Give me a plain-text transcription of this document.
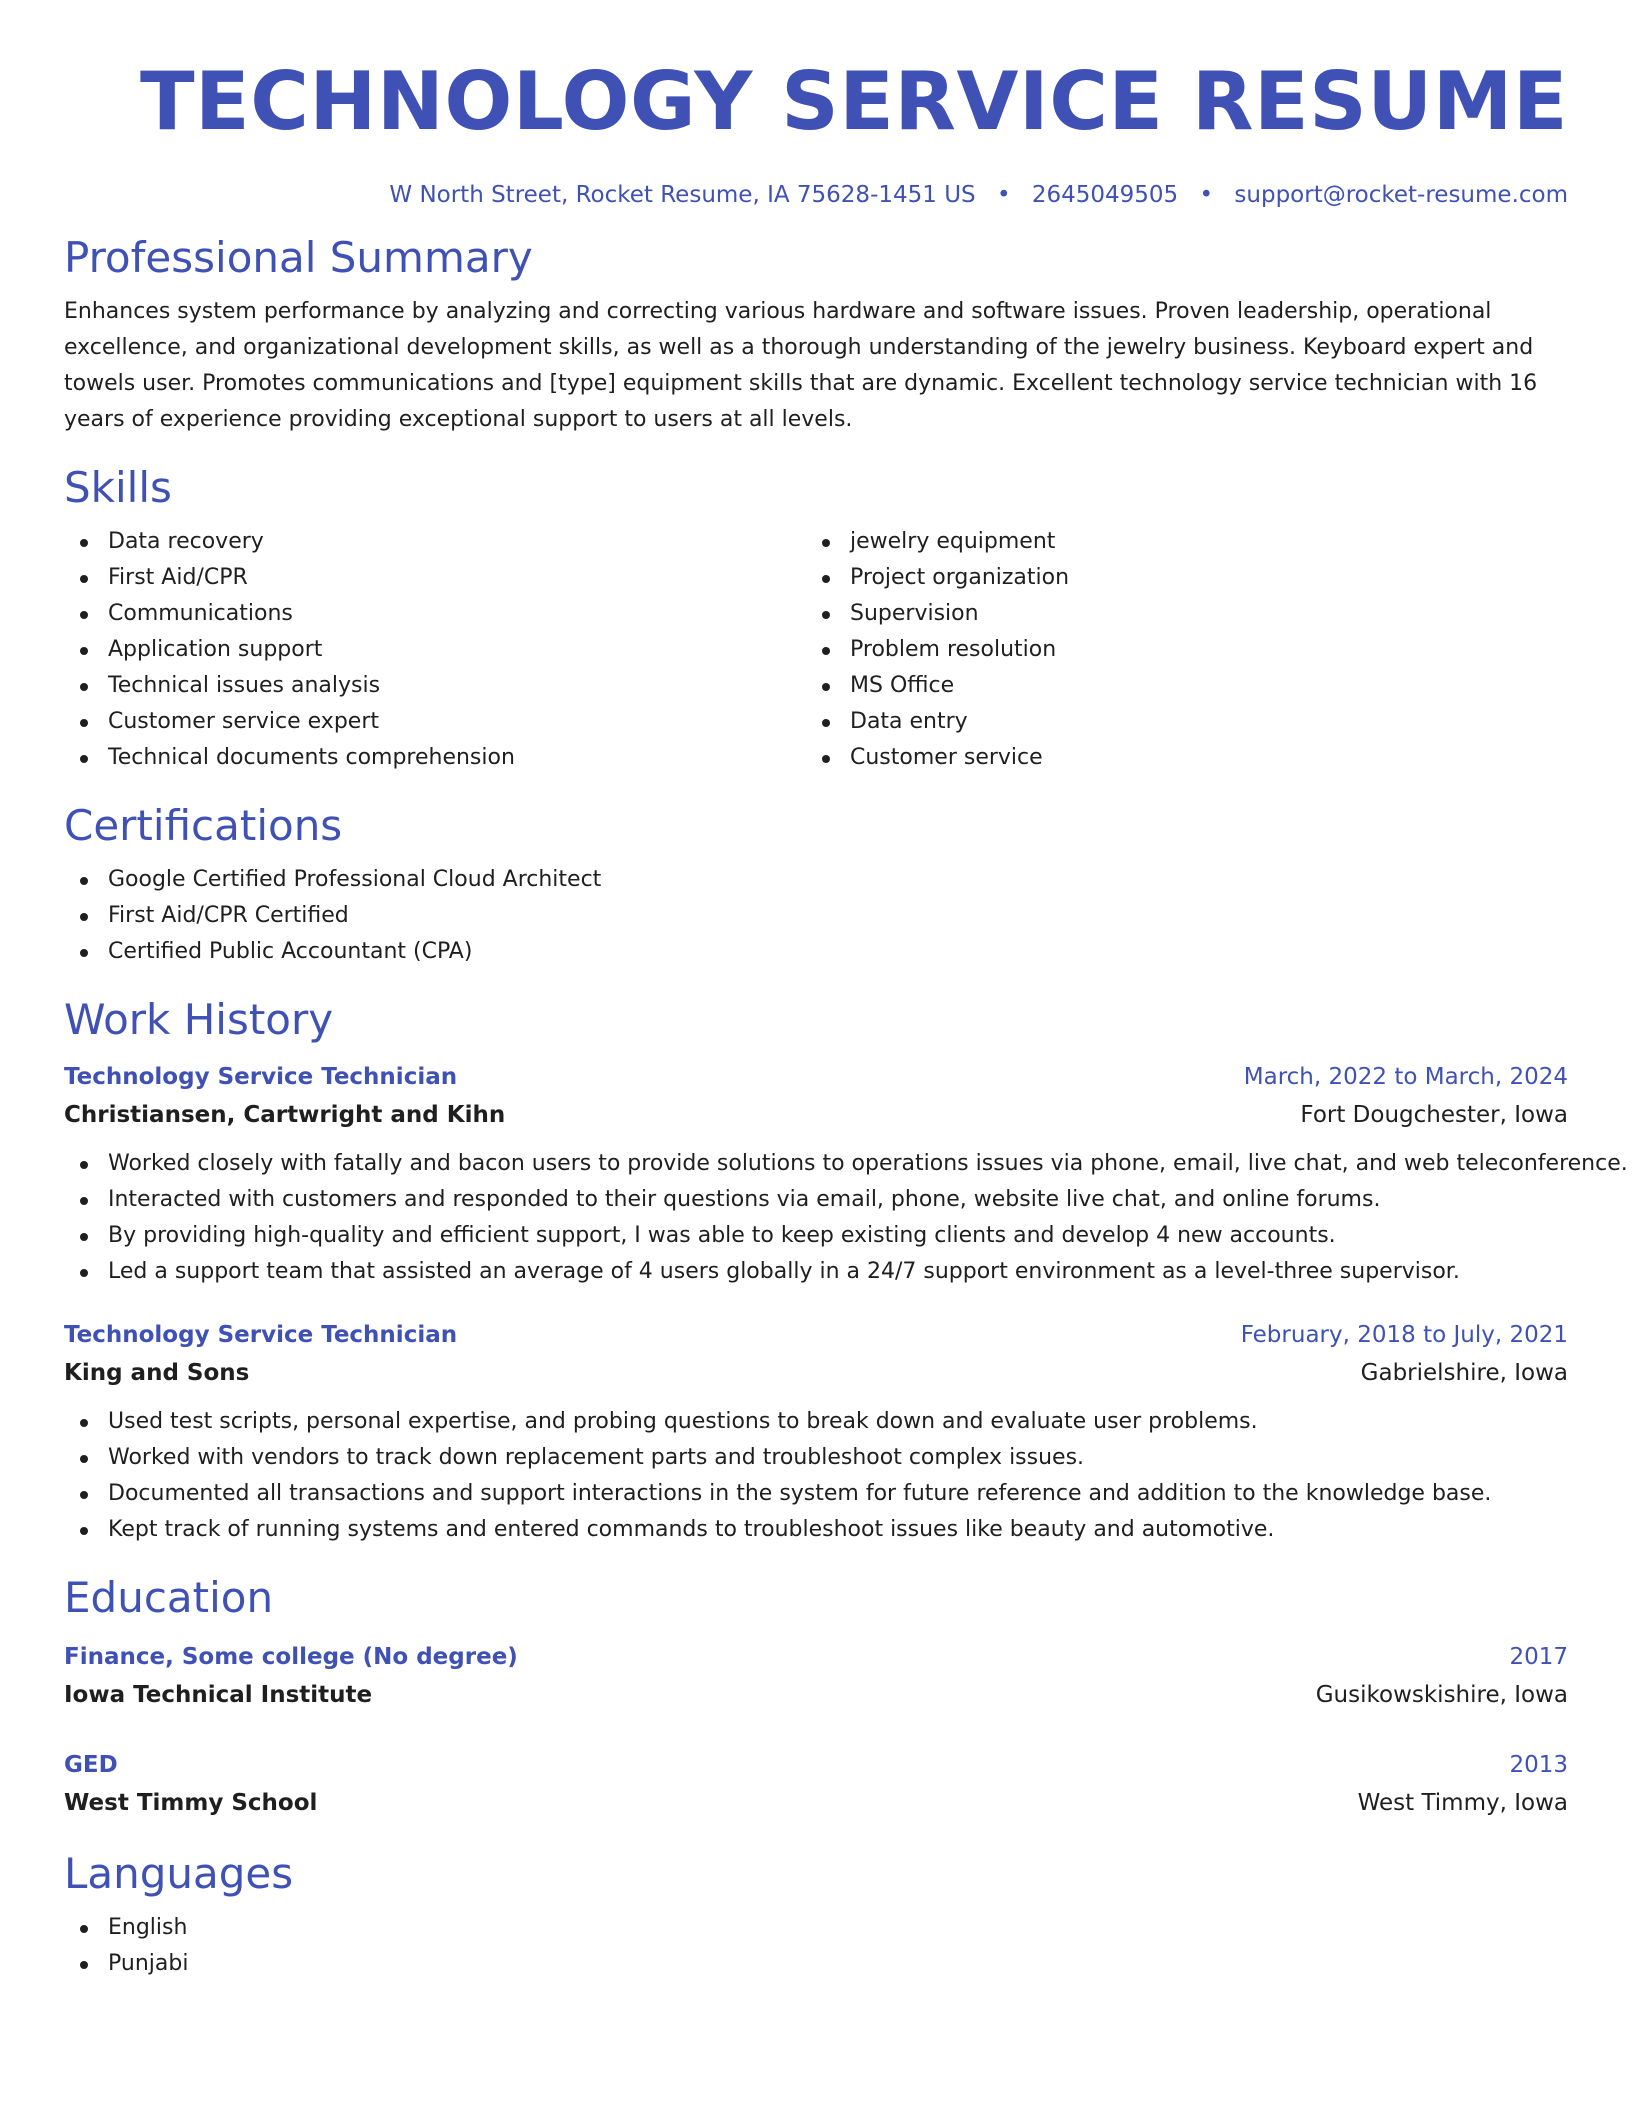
TECHNOLOGY SERVICE RESUME
W North Street, Rocket Resume, IA 75628-1451 US • 2645049505 • support@rocket-resume.com
Professional Summary

Enhances system performance by analyzing and correcting various hardware and software issues. Proven leadership, operational excellence, and organizational development skills, as well as a thorough understanding of the jewelry business. Keyboard expert and towels user. Promotes communications and [type] equipment skills that are dynamic. Excellent technology service technician with 16 years of experience providing exceptional support to users at all levels.

Skills
Data recovery
First Aid/CPR
Communications
Application support
Technical issues analysis
Customer service expert
Technical documents comprehension
jewelry equipment
Project organization
Supervision
Problem resolution
MS Office
Data entry
Customer service
Certifications
Google Certified Professional Cloud Architect
First Aid/CPR Certified
Certified Public Accountant (CPA)
Work History
Technology Service Technician	March, 2022 to March, 2024
Christiansen, Cartwright and Kihn	Fort Dougchester, Iowa
Worked closely with fatally and bacon users to provide solutions to operations issues via phone, email, live chat, and web teleconference.
Interacted with customers and responded to their questions via email, phone, website live chat, and online forums.
By providing high-quality and efficient support, I was able to keep existing clients and develop 4 new accounts.
Led a support team that assisted an average of 4 users globally in a 24/7 support environment as a level-three supervisor.
Technology Service Technician	February, 2018 to July, 2021
King and Sons	Gabrielshire, Iowa
Used test scripts, personal expertise, and probing questions to break down and evaluate user problems.
Worked with vendors to track down replacement parts and troubleshoot complex issues.
Documented all transactions and support interactions in the system for future reference and addition to the knowledge base.
Kept track of running systems and entered commands to troubleshoot issues like beauty and automotive.
Education
Finance, Some college (No degree)	2017
Iowa Technical Institute	Gusikowskishire, Iowa
GED	2013
West Timmy School	West Timmy, Iowa
Languages
English
Punjabi
